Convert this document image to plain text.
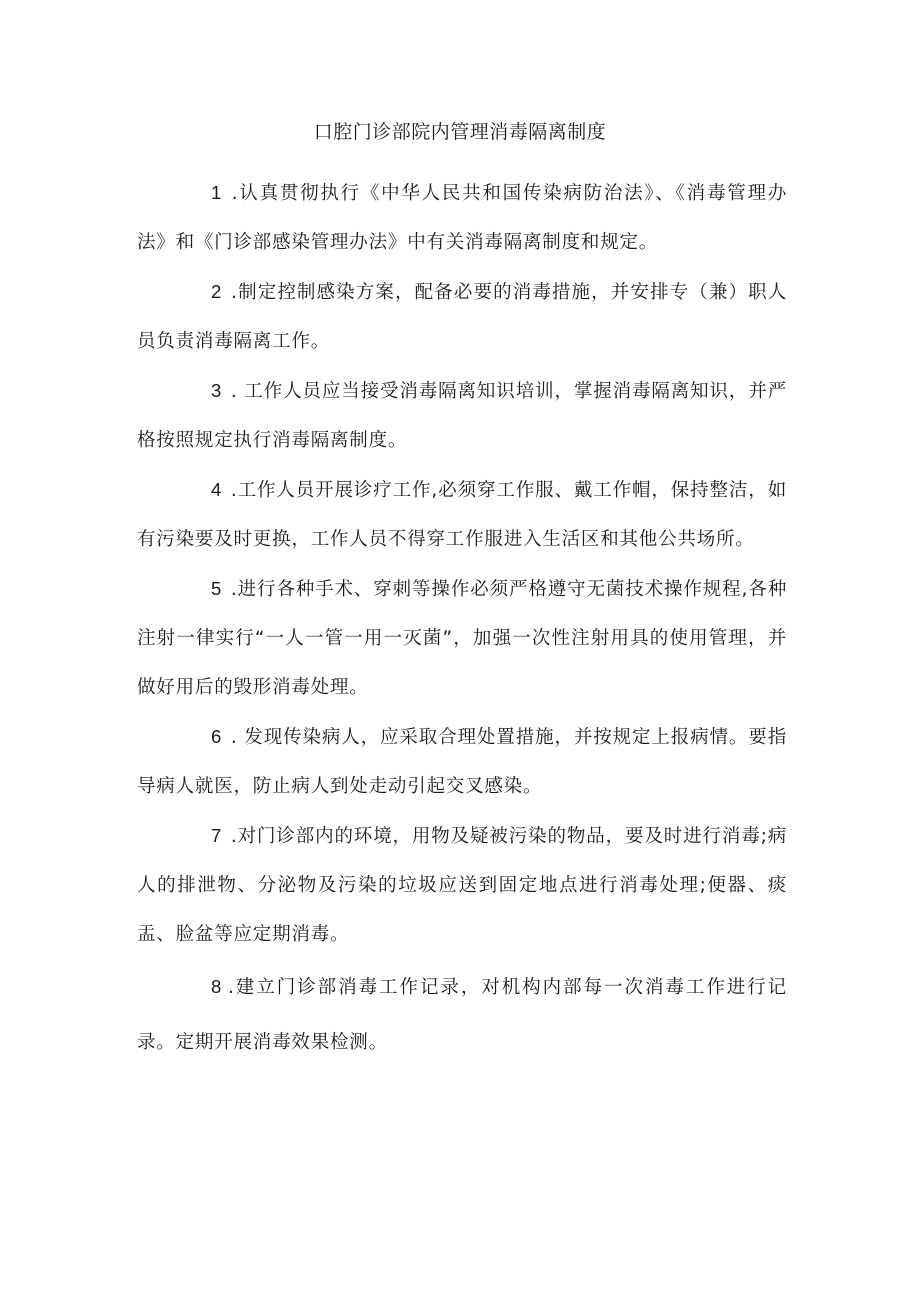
口腔门诊部院内管理消毒隔离制度

1 .认真贯彻执行《中华人民共和国传染病防治法》、《消毒管理办法》和《门诊部感染管理办法》中有关消毒隔离制度和规定。

2 .制定控制感染方案，配备必要的消毒措施，并安排专（兼）职人员负责消毒隔离工作。

3 . 工作人员应当接受消毒隔离知识培训，掌握消毒隔离知识，并严格按照规定执行消毒隔离制度。

4 .工作人员开展诊疗工作,必须穿工作服、戴工作帽，保持整洁，如有污染要及时更换，工作人员不得穿工作服进入生活区和其他公共场所。

5 .进行各种手术、穿刺等操作必须严格遵守无菌技术操作规程,各种注射一律实行“一人一管一用一灭菌”，加强一次性注射用具的使用管理，并做好用后的毁形消毒处理。

6 . 发现传染病人，应采取合理处置措施，并按规定上报病情。要指导病人就医，防止病人到处走动引起交叉感染。

7 .对门诊部内的环境，用物及疑被污染的物品，要及时进行消毒;病人的排泄物、分泌物及污染的垃圾应送到固定地点进行消毒处理;便器、痰盂、脸盆等应定期消毒。

8 .建立门诊部消毒工作记录，对机构内部每一次消毒工作进行记录。定期开展消毒效果检测。
